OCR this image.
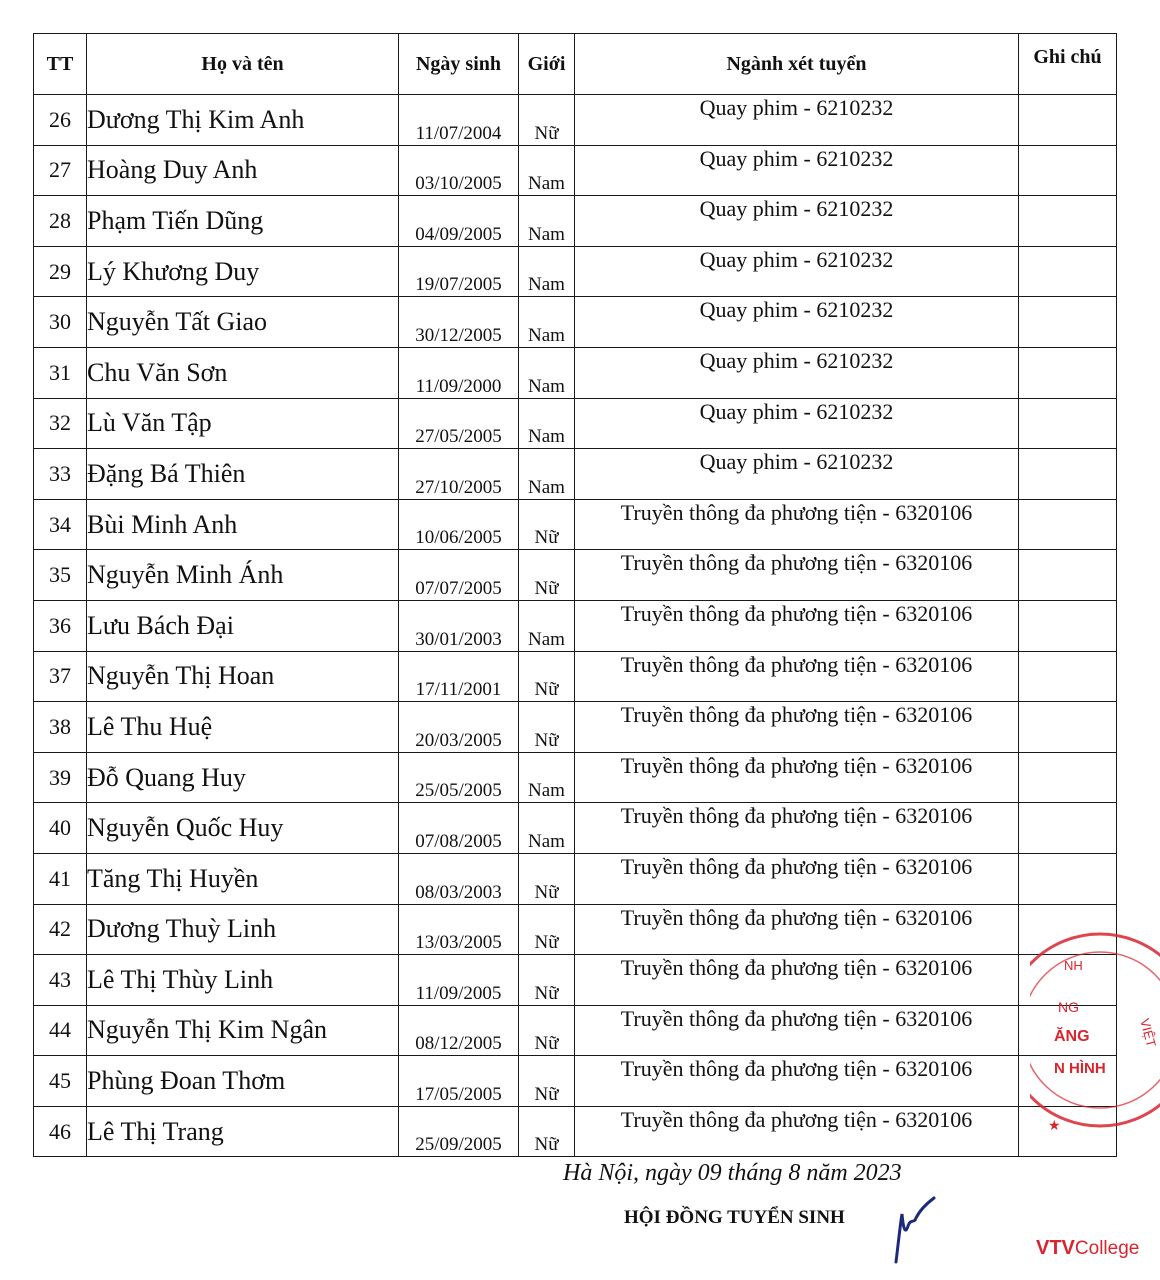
TT	Họ và tên	Ngày sinh	Giới	Ngành xét tuyển	Ghi chú
26	Dương Thị Kim Anh	11/07/2004	Nữ	Quay phim - 6210232	
27	Hoàng Duy Anh	03/10/2005	Nam	Quay phim - 6210232	
28	Phạm Tiến Dũng	04/09/2005	Nam	Quay phim - 6210232	
29	Lý Khương Duy	19/07/2005	Nam	Quay phim - 6210232	
30	Nguyễn Tất Giao	30/12/2005	Nam	Quay phim - 6210232	
31	Chu Văn Sơn	11/09/2000	Nam	Quay phim - 6210232	
32	Lù Văn Tập	27/05/2005	Nam	Quay phim - 6210232	
33	Đặng Bá Thiên	27/10/2005	Nam	Quay phim - 6210232	
34	Bùi Minh Anh	10/06/2005	Nữ	Truyền thông đa phương tiện - 6320106	
35	Nguyễn Minh Ánh	07/07/2005	Nữ	Truyền thông đa phương tiện - 6320106	
36	Lưu Bách Đại	30/01/2003	Nam	Truyền thông đa phương tiện - 6320106	
37	Nguyễn Thị Hoan	17/11/2001	Nữ	Truyền thông đa phương tiện - 6320106	
38	Lê Thu Huệ	20/03/2005	Nữ	Truyền thông đa phương tiện - 6320106	
39	Đỗ Quang Huy	25/05/2005	Nam	Truyền thông đa phương tiện - 6320106	
40	Nguyễn Quốc Huy	07/08/2005	Nam	Truyền thông đa phương tiện - 6320106	
41	Tăng Thị Huyền	08/03/2003	Nữ	Truyền thông đa phương tiện - 6320106	
42	Dương Thuỳ Linh	13/03/2005	Nữ	Truyền thông đa phương tiện - 6320106	
43	Lê Thị Thùy Linh	11/09/2005	Nữ	Truyền thông đa phương tiện - 6320106	
44	Nguyễn Thị Kim Ngân	08/12/2005	Nữ	Truyền thông đa phương tiện - 6320106	
45	Phùng Đoan Thơm	17/05/2005	Nữ	Truyền thông đa phương tiện - 6320106	
46	Lê Thị Trang	25/09/2005	Nữ	Truyền thông đa phương tiện - 6320106	
Hà Nội, ngày 09 tháng 8 năm 2023
HỘI ĐỒNG TUYỂN SINH
NH
VIỆT
NG
ĂNG
N HÌNH
★
VTV College
